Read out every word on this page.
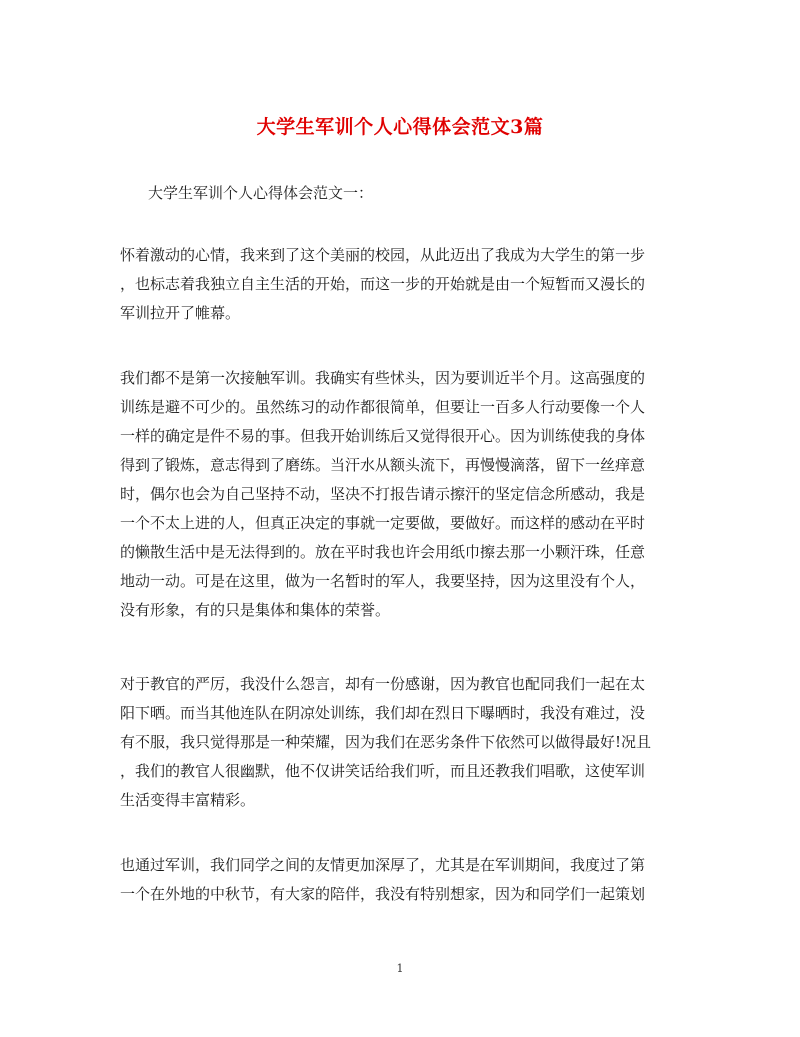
大学生军训个人心得体会范文3篇
大学生军训个人心得体会范文一：
怀着激动的心情，我来到了这个美丽的校园，从此迈出了我成为大学生的第一步
，也标志着我独立自主生活的开始，而这一步的开始就是由一个短暂而又漫长的
军训拉开了帷幕。
我们都不是第一次接触军训。我确实有些怵头，因为要训近半个月。这高强度的
训练是避不可少的。虽然练习的动作都很简单，但要让一百多人行动要像一个人
一样的确定是件不易的事。但我开始训练后又觉得很开心。因为训练使我的身体
得到了锻炼，意志得到了磨练。当汗水从额头流下，再慢慢滴落，留下一丝痒意
时，偶尔也会为自己坚持不动，坚决不打报告请示擦汗的坚定信念所感动，我是
一个不太上进的人，但真正决定的事就一定要做，要做好。而这样的感动在平时
的懒散生活中是无法得到的。放在平时我也许会用纸巾擦去那一小颗汗珠，任意
地动一动。可是在这里，做为一名暂时的军人，我要坚持，因为这里没有个人，
没有形象，有的只是集体和集体的荣誉。
对于教官的严厉，我没什么怨言，却有一份感谢，因为教官也配同我们一起在太
阳下晒。而当其他连队在阴凉处训练，我们却在烈日下曝晒时，我没有难过，没
有不服，我只觉得那是一种荣耀，因为我们在恶劣条件下依然可以做得最好!况且
，我们的教官人很幽默，他不仅讲笑话给我们听，而且还教我们唱歌，这使军训
生活变得丰富精彩。
也通过军训，我们同学之间的友情更加深厚了，尤其是在军训期间，我度过了第
一个在外地的中秋节，有大家的陪伴，我没有特别想家，因为和同学们一起策划
1
